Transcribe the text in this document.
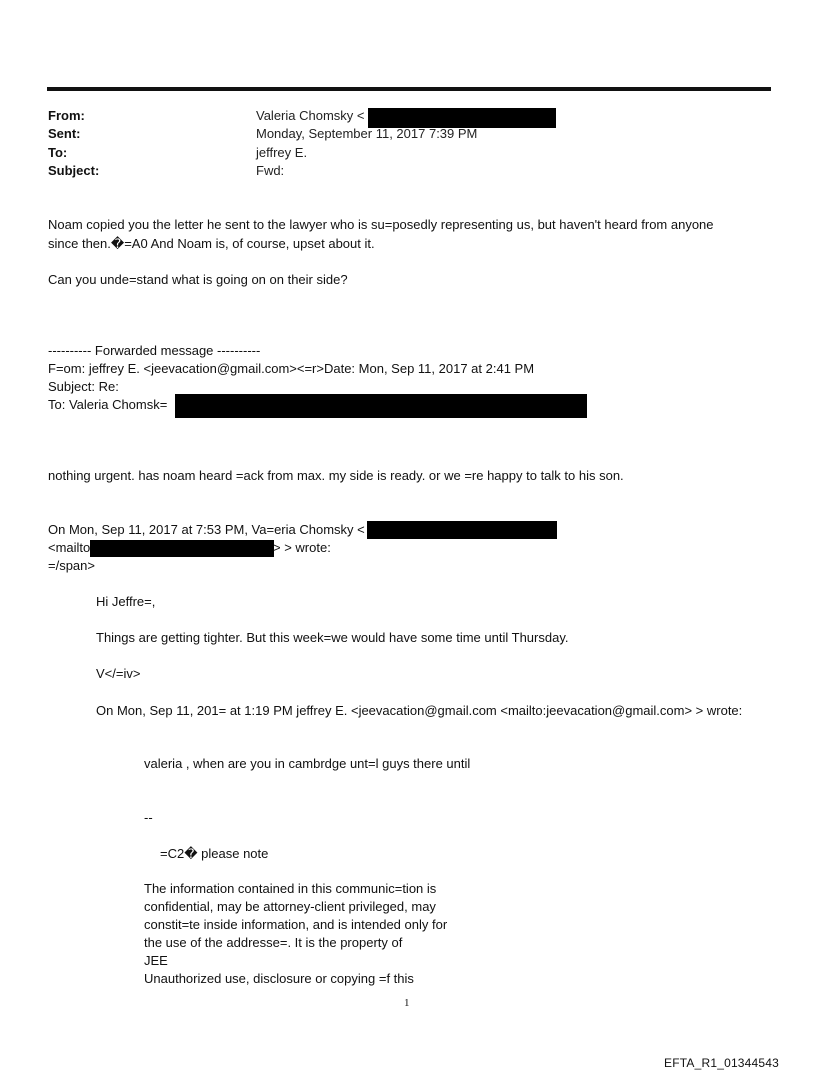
From:	Valeria Chomsky <
Sent:	Monday, September 11, 2017 7:39 PM
To:	jeffrey E.
Subject:	Fwd:
Noam copied you the letter he sent to the lawyer who is su=posedly representing us, but haven't heard from anyone
since then.�=A0 And Noam is, of course, upset about it.
Can you unde=stand what is going on on their side?
---------- Forwarded message ----------
F=om: jeffrey E. <jeevacation@gmail.com><=r>Date: Mon, Sep 11, 2017 at 2:41 PM
Subject: Re:
To: Valeria Chomsk=
nothing urgent. has noam heard =ack from max. my side is ready. or we =re happy to talk to his son.
On Mon, Sep 11, 2017 at 7:53 PM, Va=eria Chomsky <
<mailto	> > wrote:
=/span>
Hi Jeffre=,
Things are getting tighter. But this week=we would have some time until Thursday.
V</=iv>
On Mon, Sep 11, 201= at 1:19 PM jeffrey E. <jeevacation@gmail.com <mailto:jeevacation@gmail.com> > wrote:
valeria , when are you in cambrdge unt=l guys there until
--
=C2� please note
The information contained in this communic=tion is
confidential, may be attorney-client privileged, may
constit=te inside information, and is intended only for
the use of the addresse=. It is the property of
JEE
Unauthorized use, disclosure or copying =f this
1
EFTA_R1_01344543
